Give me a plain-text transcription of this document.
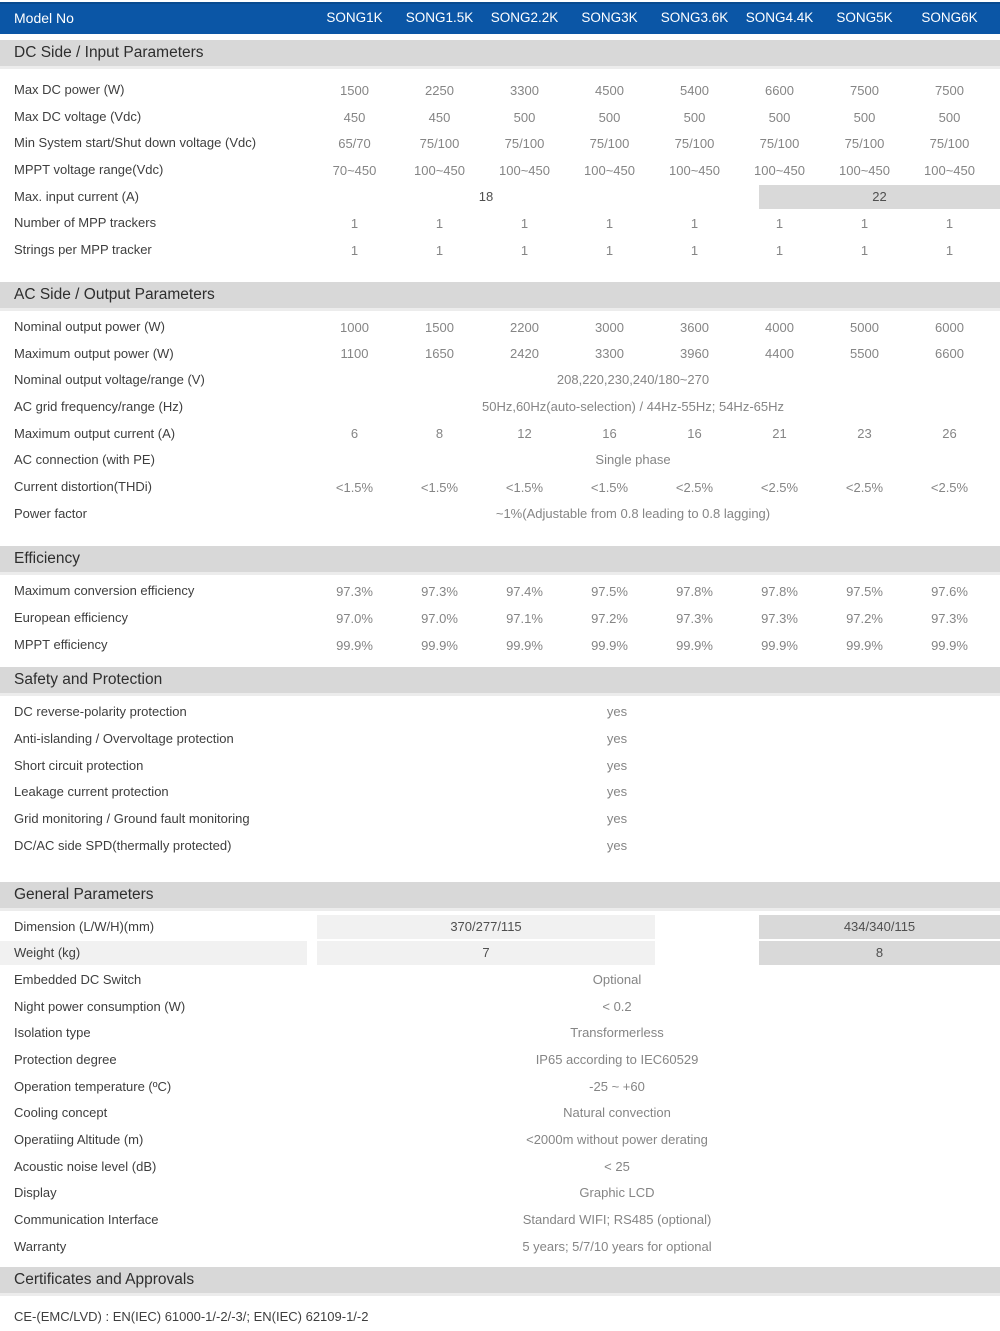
Model No	SONG1K	SONG1.5K	SONG2.2K	SONG3K	SONG3.6K	SONG4.4K	SONG5K	SONG6K
DC Side / Input Parameters
Max DC power (W)	1500	2250	3300	4500	5400	6600	7500	7500
Max DC voltage (Vdc)	450	450	500	500	500	500	500	500
Min System start/Shut down voltage (Vdc)	65/70	75/100	75/100	75/100	75/100	75/100	75/100	75/100
MPPT voltage range(Vdc)	70~450	100~450	100~450	100~450	100~450	100~450	100~450	100~450
Max. input current (A)	18	22
Number of MPP trackers	1	1	1	1	1	1	1	1
Strings per MPP tracker	1	1	1	1	1	1	1	1
AC Side / Output Parameters
Nominal output power (W)	1000	1500	2200	3000	3600	4000	5000	6000
Maximum output power (W)	1100	1650	2420	3300	3960	4400	5500	6600
Nominal output voltage/range (V)	208,220,230,240/180~270
AC grid frequency/range (Hz)	50Hz,60Hz(auto-selection) / 44Hz-55Hz; 54Hz-65Hz
Maximum output current (A)	6	8	12	16	16	21	23	26
AC connection (with PE)	Single phase
Current distortion(THDi)	<1.5%	<1.5%	<1.5%	<1.5%	<2.5%	<2.5%	<2.5%	<2.5%
Power factor	~1%(Adjustable from 0.8 leading to 0.8 lagging)
Efficiency
Maximum conversion efficiency	97.3%	97.3%	97.4%	97.5%	97.8%	97.8%	97.5%	97.6%
European efficiency	97.0%	97.0%	97.1%	97.2%	97.3%	97.3%	97.2%	97.3%
MPPT efficiency	99.9%	99.9%	99.9%	99.9%	99.9%	99.9%	99.9%	99.9%
Safety and Protection
DC reverse-polarity protection	yes
Anti-islanding / Overvoltage protection	yes
Short circuit protection	yes
Leakage current protection	yes
Grid monitoring / Ground fault monitoring	yes
DC/AC side SPD(thermally protected)	yes
General Parameters
Dimension (L/W/H)(mm)	370/277/115	434/340/115
Weight (kg)	7	8
Embedded DC Switch	Optional
Night power consumption (W)	< 0.2
Isolation type	Transformerless
Protection degree	IP65 according to IEC60529
Operation temperature (ºC)	-25 ~ +60
Cooling concept	Natural convection
Operatiing Altitude (m)	<2000m without power derating
Acoustic noise level (dB)	< 25
Display	Graphic LCD
Communication Interface	Standard WIFI; RS485 (optional)
Warranty	5 years; 5/7/10 years for optional
Certificates and Approvals
CE-(EMC/LVD) : EN(IEC) 61000-1/-2/-3/; EN(IEC) 62109-1/-2
